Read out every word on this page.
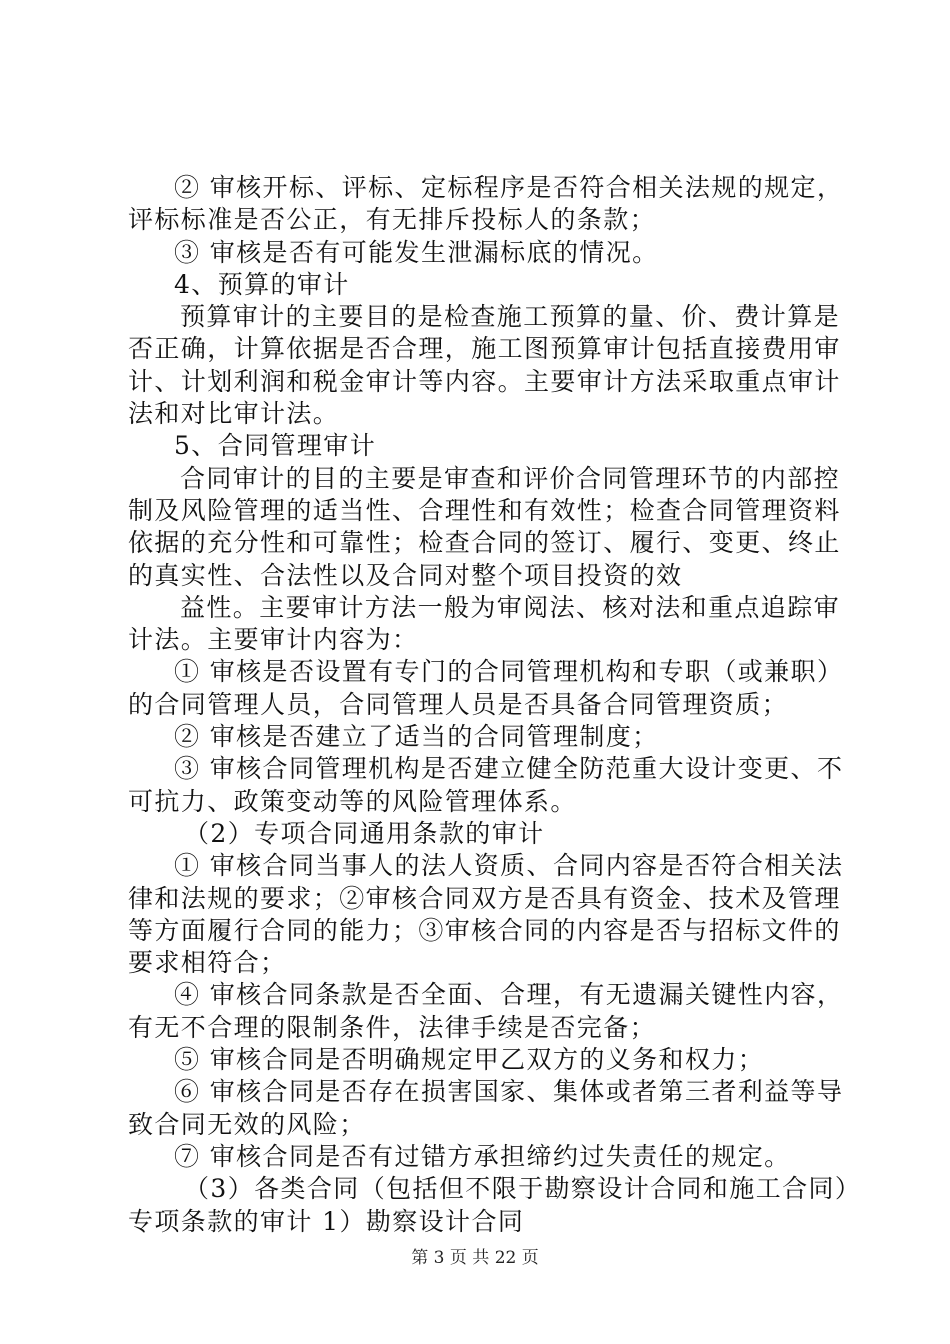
② 审核开标、评标、定标程序是否符合相关法规的规定，
评标标准是否公正，有无排斥投标人的条款；
③ 审核是否有可能发生泄漏标底的情况。
4、预算的审计
预算审计的主要目的是检查施工预算的量、价、费计算是
否正确，计算依据是否合理，施工图预算审计包括直接费用审
计、计划利润和税金审计等内容。主要审计方法采取重点审计
法和对比审计法。
5、合同管理审计
合同审计的目的主要是审查和评价合同管理环节的内部控
制及风险管理的适当性、合理性和有效性；检查合同管理资料
依据的充分性和可靠性；检查合同的签订、履行、变更、终止
的真实性、合法性以及合同对整个项目投资的效
益性。主要审计方法一般为审阅法、核对法和重点追踪审
计法。主要审计内容为：
① 审核是否设置有专门的合同管理机构和专职（或兼职）
的合同管理人员，合同管理人员是否具备合同管理资质；
② 审核是否建立了适当的合同管理制度；
③ 审核合同管理机构是否建立健全防范重大设计变更、不
可抗力、政策变动等的风险管理体系。
（2）专项合同通用条款的审计
① 审核合同当事人的法人资质、合同内容是否符合相关法
律和法规的要求；②审核合同双方是否具有资金、技术及管理
等方面履行合同的能力；③审核合同的内容是否与招标文件的
要求相符合；
④ 审核合同条款是否全面、合理，有无遗漏关键性内容，
有无不合理的限制条件，法律手续是否完备；
⑤ 审核合同是否明确规定甲乙双方的义务和权力；
⑥ 审核合同是否存在损害国家、集体或者第三者利益等导
致合同无效的风险；
⑦ 审核合同是否有过错方承担缔约过失责任的规定。
（3）各类合同（包括但不限于勘察设计合同和施工合同）
专项条款的审计 1）勘察设计合同
第 3 页 共 22 页
